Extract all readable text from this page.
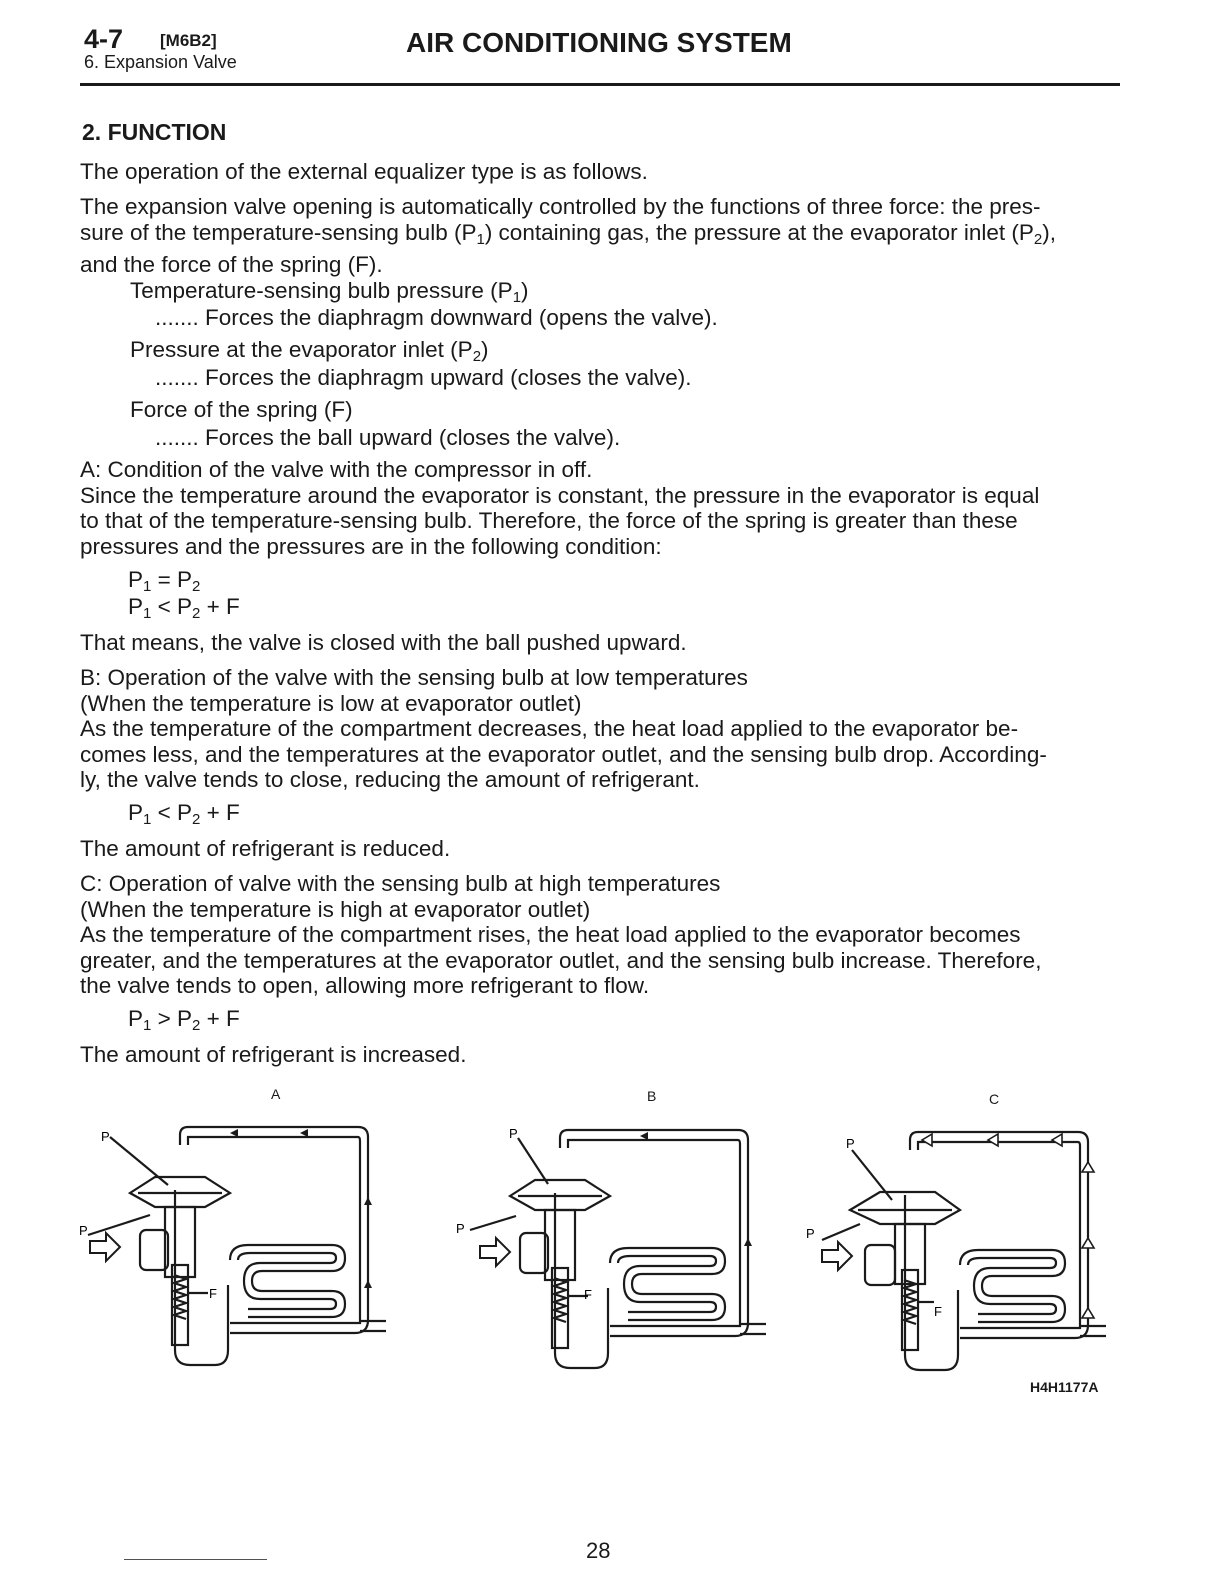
4-7 [M6B2]
6. Expansion Valve
AIR CONDITIONING SYSTEM
2. FUNCTION
The operation of the external equalizer type is as follows.
The expansion valve opening is automatically controlled by the functions of three force: the pres-
sure of the temperature-sensing bulb $(P_1)$ containing gas, the pressure at the evaporator inlet $(P_2)$,
and the force of the spring (F).
Temperature-sensing bulb pressure $(P_1)$
....... Forces the diaphragm downward (opens the valve).
Pressure at the evaporator inlet $(P_2)$
....... Forces the diaphragm upward (closes the valve).
Force of the spring (F)
....... Forces the ball upward (closes the valve).
A: Condition of the valve with the compressor in off.
Since the temperature around the evaporator is constant, the pressure in the evaporator is equal
to that of the temperature-sensing bulb. Therefore, the force of the spring is greater than these
pressures and the pressures are in the following condition:
$P_1 = P_2$
$P_1 < P_2 + F$
That means, the valve is closed with the ball pushed upward.
B: Operation of the valve with the sensing bulb at low temperatures
(When the temperature is low at evaporator outlet)
As the temperature of the compartment decreases, the heat load applied to the evaporator be-
comes less, and the temperatures at the evaporator outlet, and the sensing bulb drop. According-
ly, the valve tends to close, reducing the amount of refrigerant.
$P_1 < P_2 + F$
The amount of refrigerant is reduced.
C: Operation of valve with the sensing bulb at high temperatures
(When the temperature is high at evaporator outlet)
As the temperature of the compartment rises, the heat load applied to the evaporator becomes
greater, and the temperatures at the evaporator outlet, and the sensing bulb increase. Therefore,
the valve tends to open, allowing more refrigerant to flow.
$P_1 > P_2 + F$
The amount of refrigerant is increased.
A	B	C
P
P
F
P
P
F
P
P
F
H4H1177A
28
